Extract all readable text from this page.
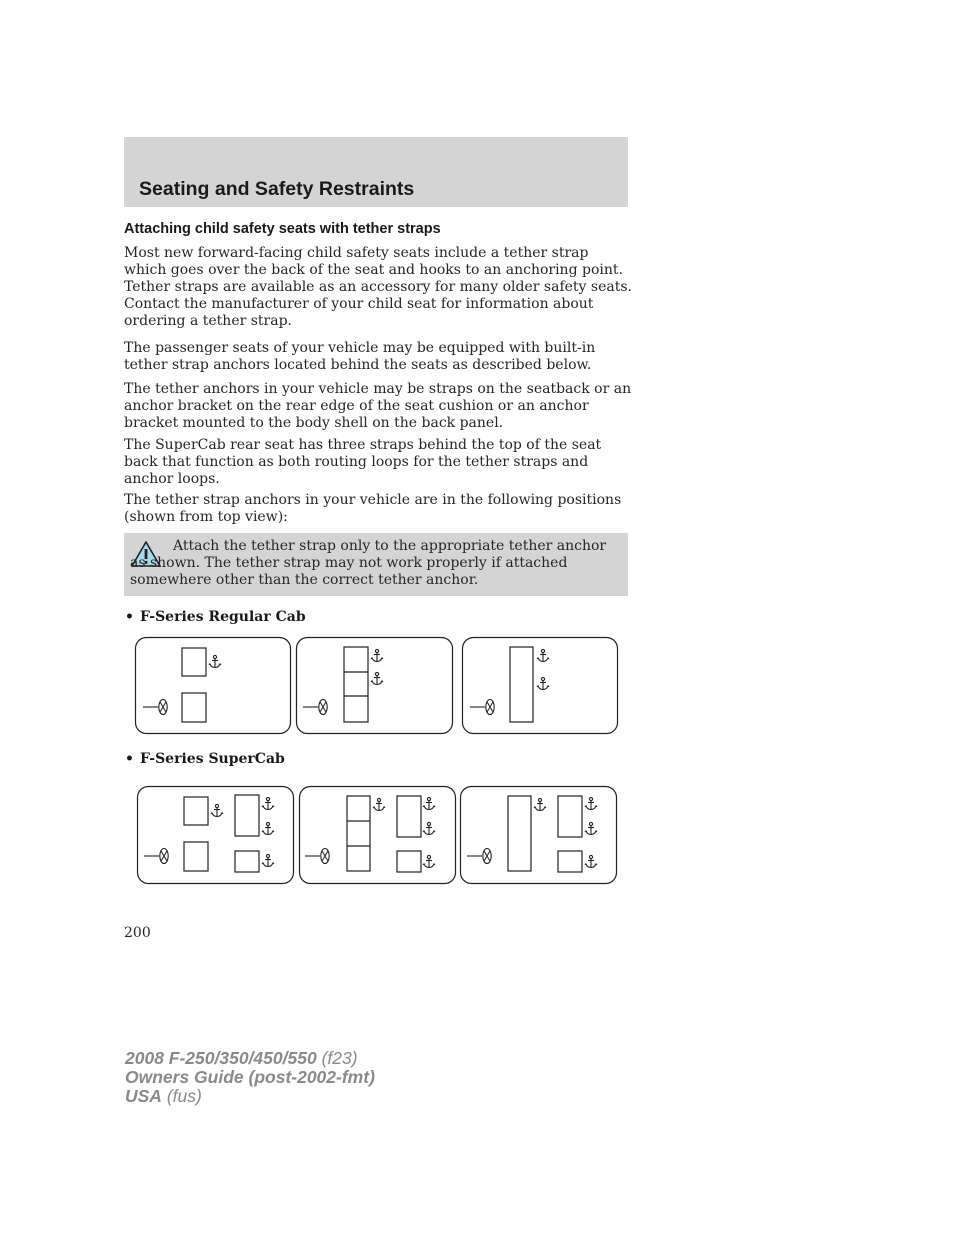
Seating and Safety Restraints
Attaching child safety seats with tether straps

Most new forward-facing child safety seats include a tether strap which goes over the back of the seat and hooks to an anchoring point. Tether straps are available as an accessory for many older safety seats. Contact the manufacturer of your child seat for information about ordering a tether strap.

The passenger seats of your vehicle may be equipped with built-in tether strap anchors located behind the seats as described below.

The tether anchors in your vehicle may be straps on the seatback or an anchor bracket on the rear edge of the seat cushion or an anchor bracket mounted to the body shell on the back panel.

The SuperCab rear seat has three straps behind the top of the seat back that function as both routing loops for the tether straps and anchor loops.

The tether strap anchors in your vehicle are in the following positions (shown from top view):

Attach the tether strap only to the appropriate tether anchor as shown. The tether strap may not work properly if attached somewhere other than the correct tether anchor.

• F-Series Regular Cab
• F-Series SuperCab
200
2008 F-250/350/450/550 (f23)
Owners Guide (post-2002-fmt)
USA (fus)
